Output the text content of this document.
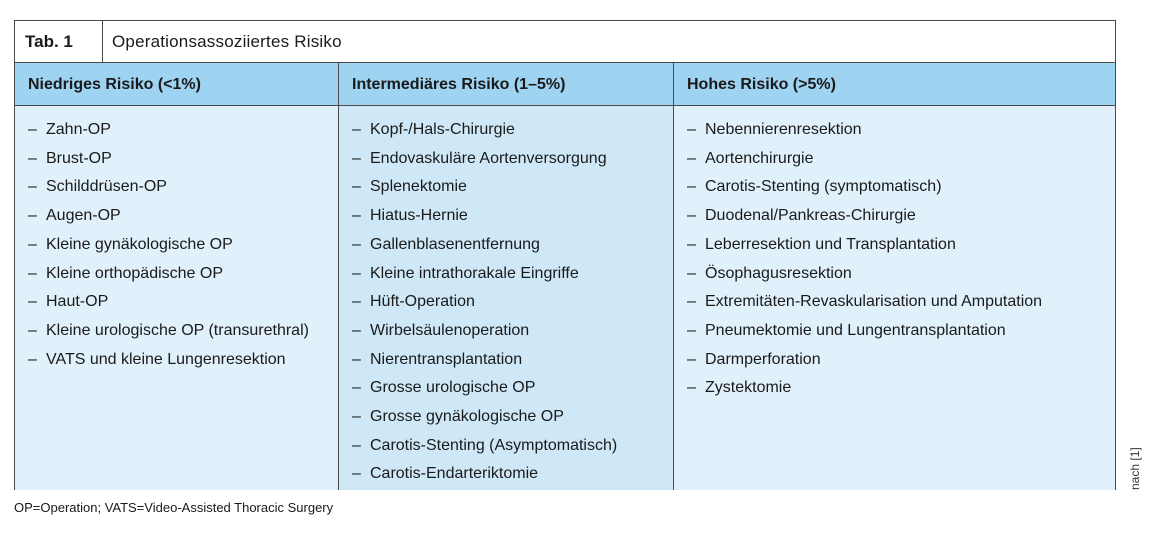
Tab. 1	Operationsassoziiertes Risiko
Niedriges Risiko (<1%)
– Zahn-OP
– Brust-OP
– Schilddrüsen-OP
– Augen-OP
– Kleine gynäkologische OP
– Kleine orthopädische OP
– Haut-OP
– Kleine urologische OP (transurethral)
– VATS und kleine Lungenresektion
Intermediäres Risiko (1–5%)
– Kopf-/Hals-Chirurgie
– Endovaskuläre Aortenversorgung
– Splenektomie
– Hiatus-Hernie
– Gallenblasenentfernung
– Kleine intrathorakale Eingriffe
– Hüft-Operation
– Wirbelsäulenoperation
– Nierentransplantation
– Grosse urologische OP
– Grosse gynäkologische OP
– Carotis-Stenting (Asymptomatisch)
– Carotis-Endarteriktomie
Hohes Risiko (>5%)
– Nebennierenresektion
– Aortenchirurgie
– Carotis-Stenting (symptomatisch)
– Duodenal/Pankreas-Chirurgie
– Leberresektion und Transplantation
– Ösophagusresektion
– Extremitäten-Revaskularisation und Amputation
– Pneumektomie und Lungentransplantation
– Darmperforation
– Zystektomie
nach [1]
OP=Operation; VATS=Video-Assisted Thoracic Surgery
